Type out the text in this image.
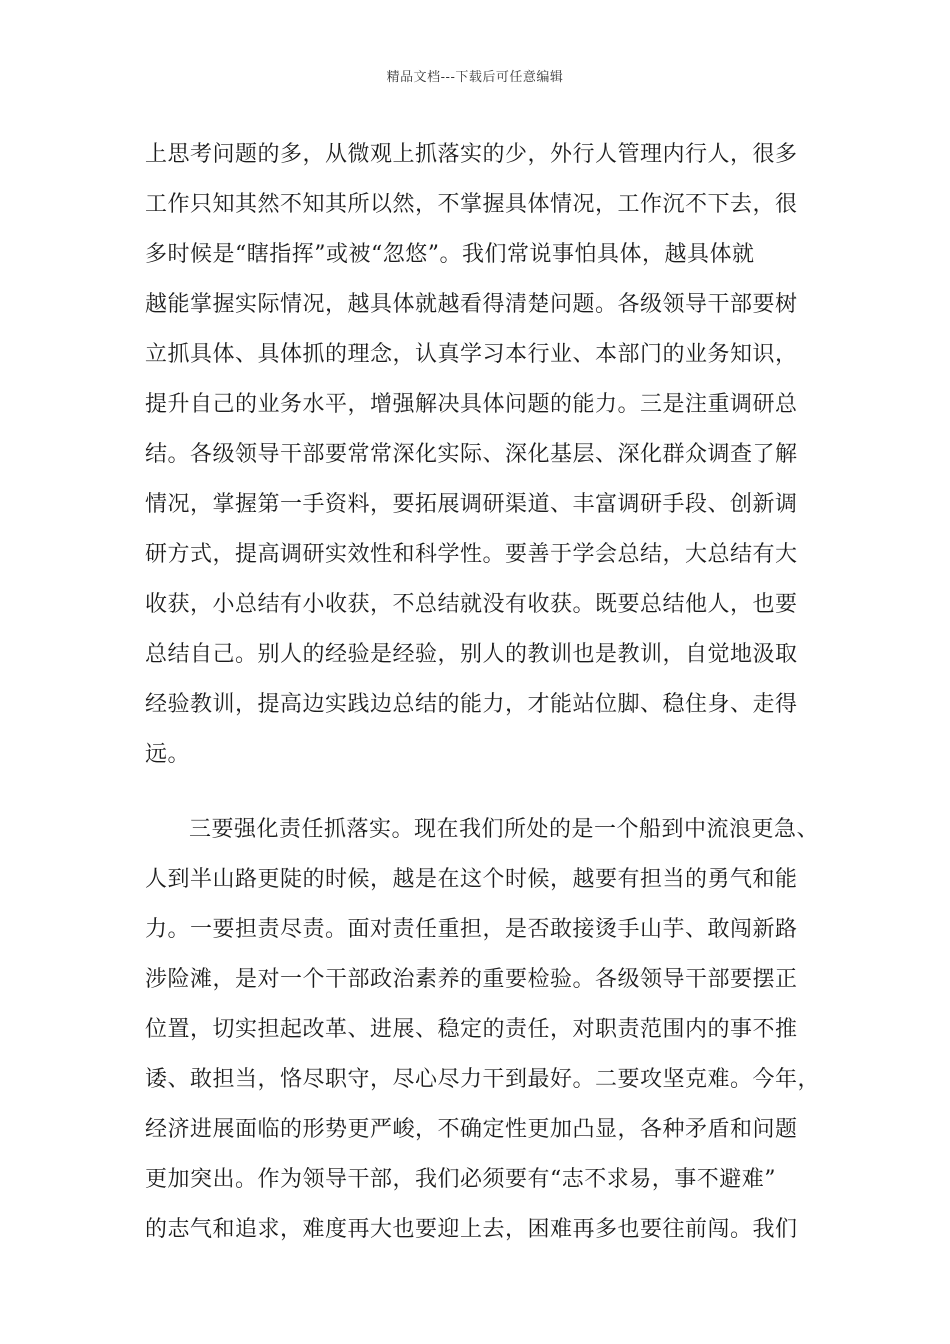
精品文档---下载后可任意编辑
上思考问题的多，从微观上抓落实的少，外行人管理内行人，很多
工作只知其然不知其所以然，不掌握具体情况，工作沉不下去，很
多时候是“瞎指挥”或被“忽悠”。我们常说事怕具体，越具体就
越能掌握实际情况，越具体就越看得清楚问题。各级领导干部要树
立抓具体、具体抓的理念，认真学习本行业、本部门的业务知识，
提升自己的业务水平，增强解决具体问题的能力。三是注重调研总
结。各级领导干部要常常深化实际、深化基层、深化群众调查了解
情况，掌握第一手资料，要拓展调研渠道、丰富调研手段、创新调
研方式，提高调研实效性和科学性。要善于学会总结，大总结有大
收获，小总结有小收获，不总结就没有收获。既要总结他人，也要
总结自己。别人的经验是经验，别人的教训也是教训，自觉地汲取
经验教训，提高边实践边总结的能力，才能站位脚、稳住身、走得
远。
三要强化责任抓落实。现在我们所处的是一个船到中流浪更急、
人到半山路更陡的时候，越是在这个时候，越要有担当的勇气和能
力。一要担责尽责。面对责任重担，是否敢接烫手山芋、敢闯新路
涉险滩，是对一个干部政治素养的重要检验。各级领导干部要摆正
位置，切实担起改革、进展、稳定的责任，对职责范围内的事不推
诿、敢担当，恪尽职守，尽心尽力干到最好。二要攻坚克难。今年，
经济进展面临的形势更严峻，不确定性更加凸显，各种矛盾和问题
更加突出。作为领导干部，我们必须要有“志不求易，事不避难”
的志气和追求，难度再大也要迎上去，困难再多也要往前闯。我们
